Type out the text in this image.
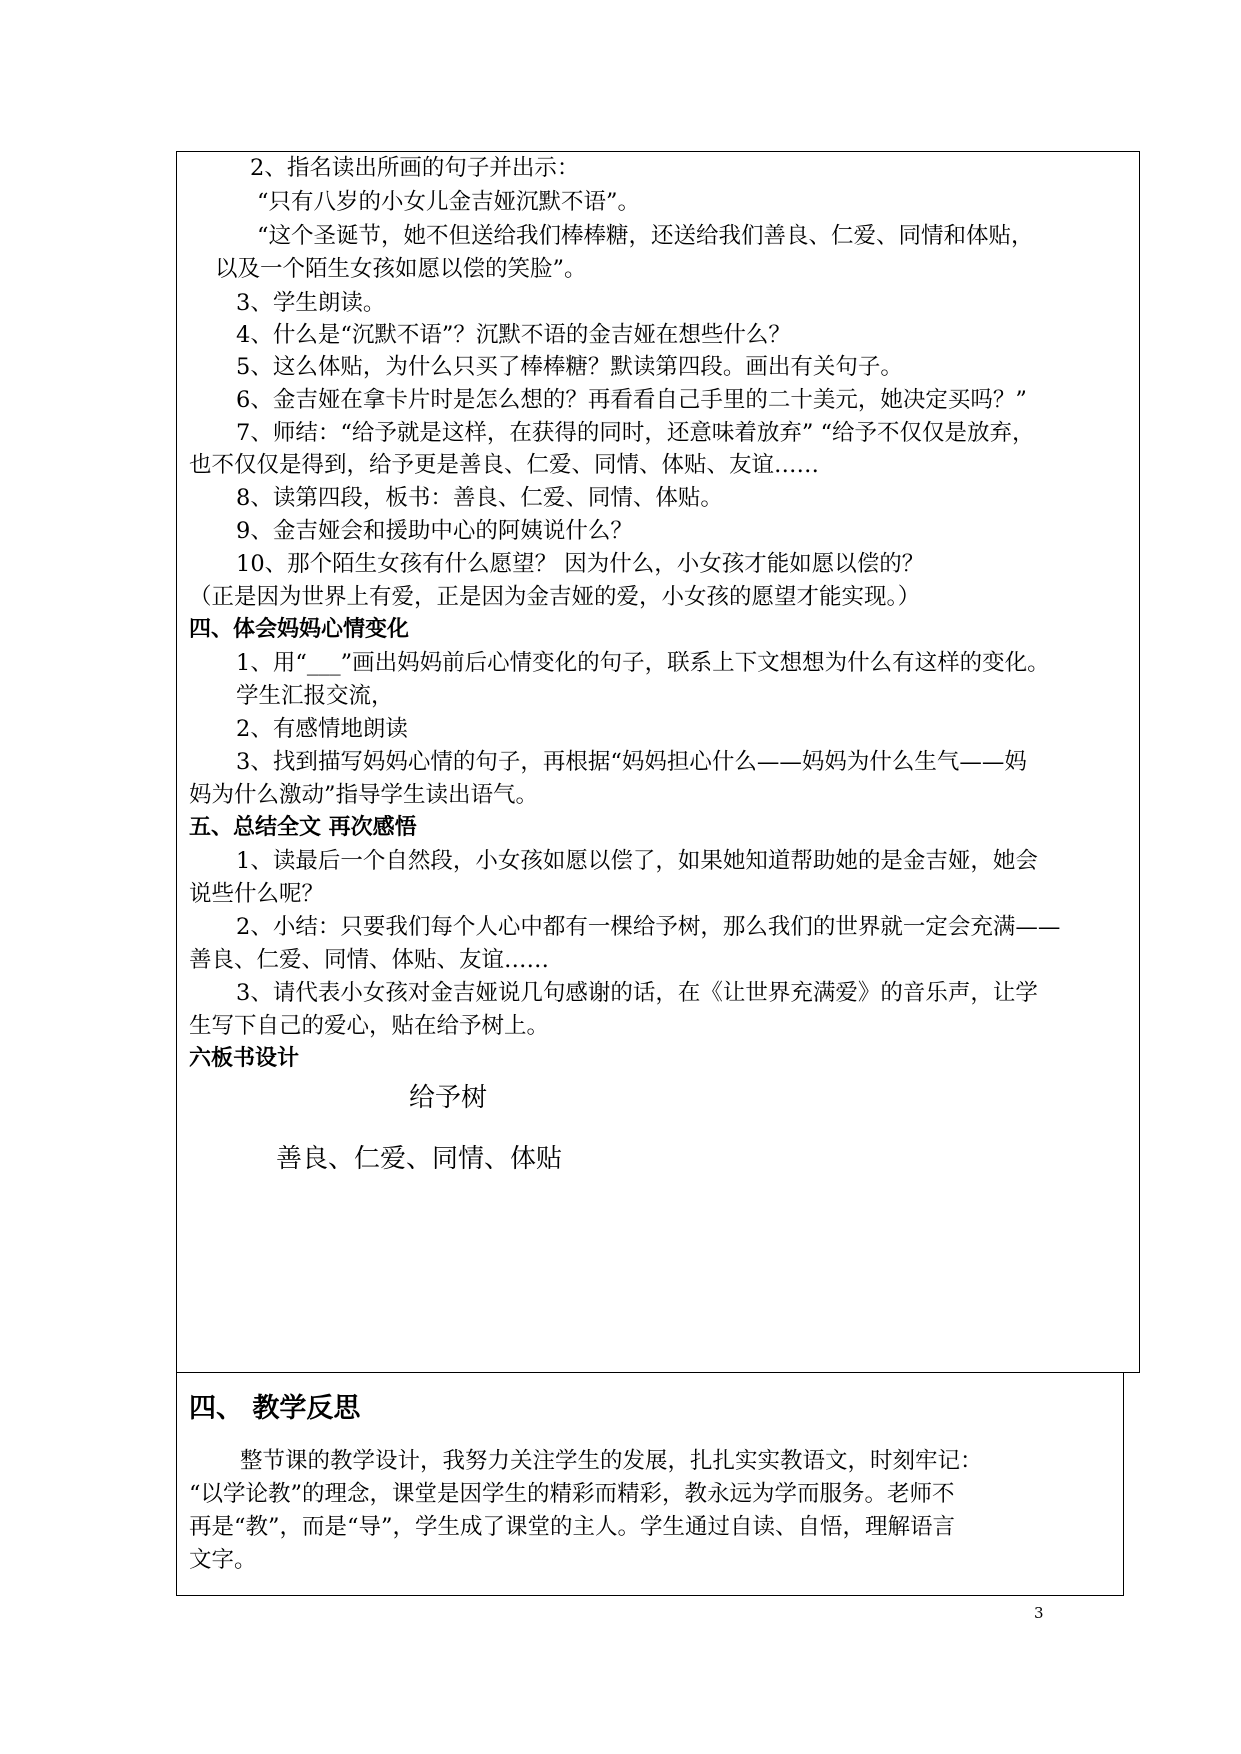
2、指名读出所画的句子并出示：
“只有八岁的小女儿金吉娅沉默不语”。
“这个圣诞节，她不但送给我们棒棒糖，还送给我们善良、仁爱、同情和体贴，
以及一个陌生女孩如愿以偿的笑脸”。
3、学生朗读。
4、什么是“沉默不语”？沉默不语的金吉娅在想些什么？
5、这么体贴，为什么只买了棒棒糖？默读第四段。画出有关句子。
6、金吉娅在拿卡片时是怎么想的？再看看自己手里的二十美元，她决定买吗？”
7、师结：“给予就是这样，在获得的同时，还意味着放弃” “给予不仅仅是放弃，
也不仅仅是得到，给予更是善良、仁爱、同情、体贴、友谊……
8、读第四段，板书：善良、仁爱、同情、体贴。
9、金吉娅会和援助中心的阿姨说什么？
10、那个陌生女孩有什么愿望？ 因为什么，小女孩才能如愿以偿的？
（正是因为世界上有爱，正是因为金吉娅的爱，小女孩的愿望才能实现。）
四、体会妈妈心情变化
1、用“___”画出妈妈前后心情变化的句子，联系上下文想想为什么有这样的变化。
学生汇报交流，
2、有感情地朗读
3、找到描写妈妈心情的句子，再根据“妈妈担心什么——妈妈为什么生气——妈
妈为什么激动”指导学生读出语气。
五、总结全文 再次感悟
1、读最后一个自然段，小女孩如愿以偿了，如果她知道帮助她的是金吉娅，她会
说些什么呢？
2、小结：只要我们每个人心中都有一棵给予树，那么我们的世界就一定会充满——
善良、仁爱、同情、体贴、友谊……
3、请代表小女孩对金吉娅说几句感谢的话，在《让世界充满爱》的音乐声，让学
生写下自己的爱心，贴在给予树上。
六板书设计
给予树
善良、仁爱、同情、体贴
四、 教学反思
整节课的教学设计，我努力关注学生的发展，扎扎实实教语文，时刻牢记：
“以学论教”的理念，课堂是因学生的精彩而精彩，教永远为学而服务。老师不
再是“教”，而是“导”，学生成了课堂的主人。学生通过自读、自悟，理解语言
文字。
3
